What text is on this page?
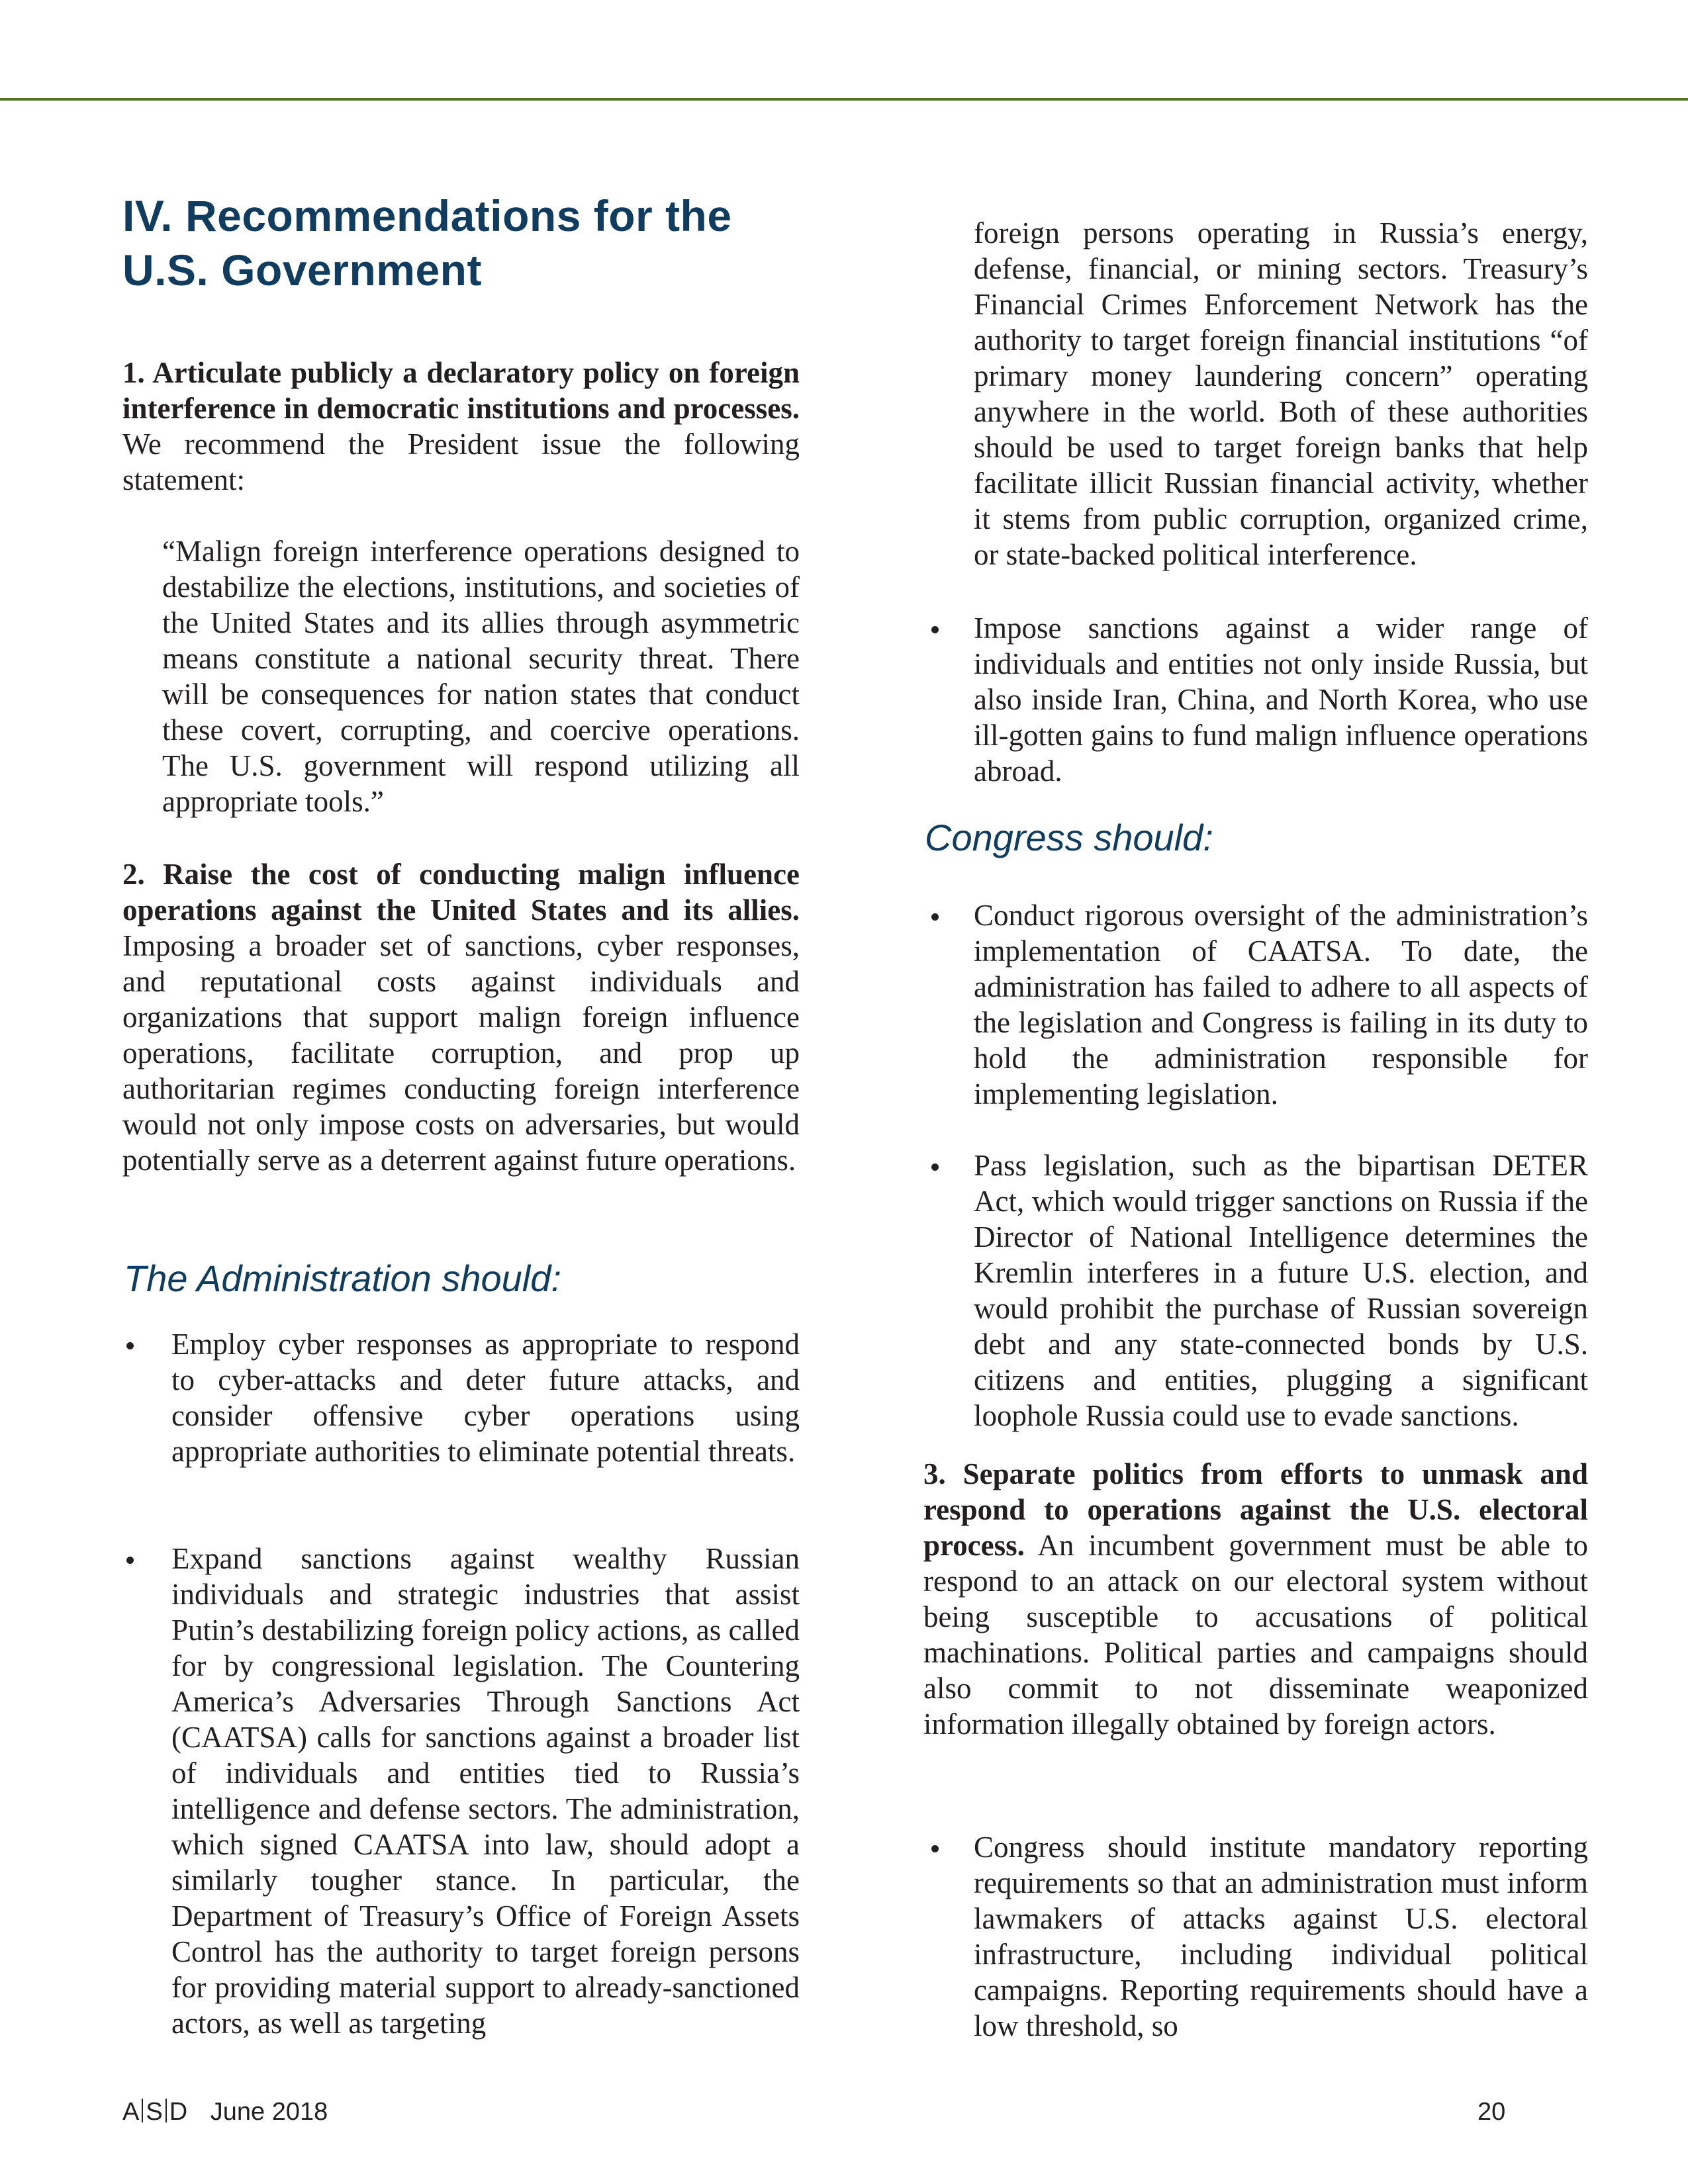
IV. Recommendations for the
U.S. Government

1. Articulate publicly a declaratory policy on foreign interference in democratic institutions and processes. We recommend the President issue the following statement:

“Malign foreign interference operations designed to destabilize the elections, institutions, and societies of the United States and its allies through asymmetric means constitute a national security threat. There will be consequences for nation states that conduct these covert, corrupting, and coercive operations. The U.S. government will respond utilizing all appropriate tools.”

2. Raise the cost of conducting malign influence operations against the United States and its allies. Imposing a broader set of sanctions, cyber responses, and reputational costs against individuals and organizations that support malign foreign influence operations, facilitate corruption, and prop up authoritarian regimes conducting foreign interference would not only impose costs on adversaries, but would potentially serve as a deterrent against future operations.

The Administration should:

Employ cyber responses as appropriate to respond to cyber-attacks and deter future attacks, and consider offensive cyber operations using appropriate authorities to eliminate potential threats.

Expand sanctions against wealthy Russian individuals and strategic industries that assist Putin’s destabilizing foreign policy actions, as called for by congressional legislation. The Countering America’s Adversaries Through Sanctions Act (CAATSA) calls for sanctions against a broader list of individuals and entities tied to Russia’s intelligence and defense sectors. The administration, which signed CAATSA into law, should adopt a similarly tougher stance. In particular, the Department of Treasury’s Office of Foreign Assets Control has the authority to target foreign persons for providing material support to already-sanctioned actors, as well as targeting

foreign persons operating in Russia’s energy, defense, financial, or mining sectors. Treasury’s Financial Crimes Enforcement Network has the authority to target foreign financial institutions “of primary money laundering concern” operating anywhere in the world. Both of these authorities should be used to target foreign banks that help facilitate illicit Russian financial activity, whether it stems from public corruption, organized crime, or state-backed political interference.

Impose sanctions against a wider range of individuals and entities not only inside Russia, but also inside Iran, China, and North Korea, who use ill-gotten gains to fund malign influence operations abroad.

Congress should:

Conduct rigorous oversight of the administration’s implementation of CAATSA. To date, the administration has failed to adhere to all aspects of the legislation and Congress is failing in its duty to hold the administration responsible for implementing legislation.

Pass legislation, such as the bipartisan DETER Act, which would trigger sanctions on Russia if the Director of National Intelligence determines the Kremlin interferes in a future U.S. election, and would prohibit the purchase of Russian sovereign debt and any state-connected bonds by U.S. citizens and entities, plugging a significant loophole Russia could use to evade sanctions.

3. Separate politics from efforts to unmask and respond to operations against the U.S. electoral process. An incumbent government must be able to respond to an attack on our electoral system without being susceptible to accusations of political machinations. Political parties and campaigns should also commit to not disseminate weaponized information illegally obtained by foreign actors.

Congress should institute mandatory reporting requirements so that an administration must inform lawmakers of attacks against U.S. electoral infrastructure, including individual political campaigns. Reporting requirements should have a low threshold, so

A S D June 2018	20
